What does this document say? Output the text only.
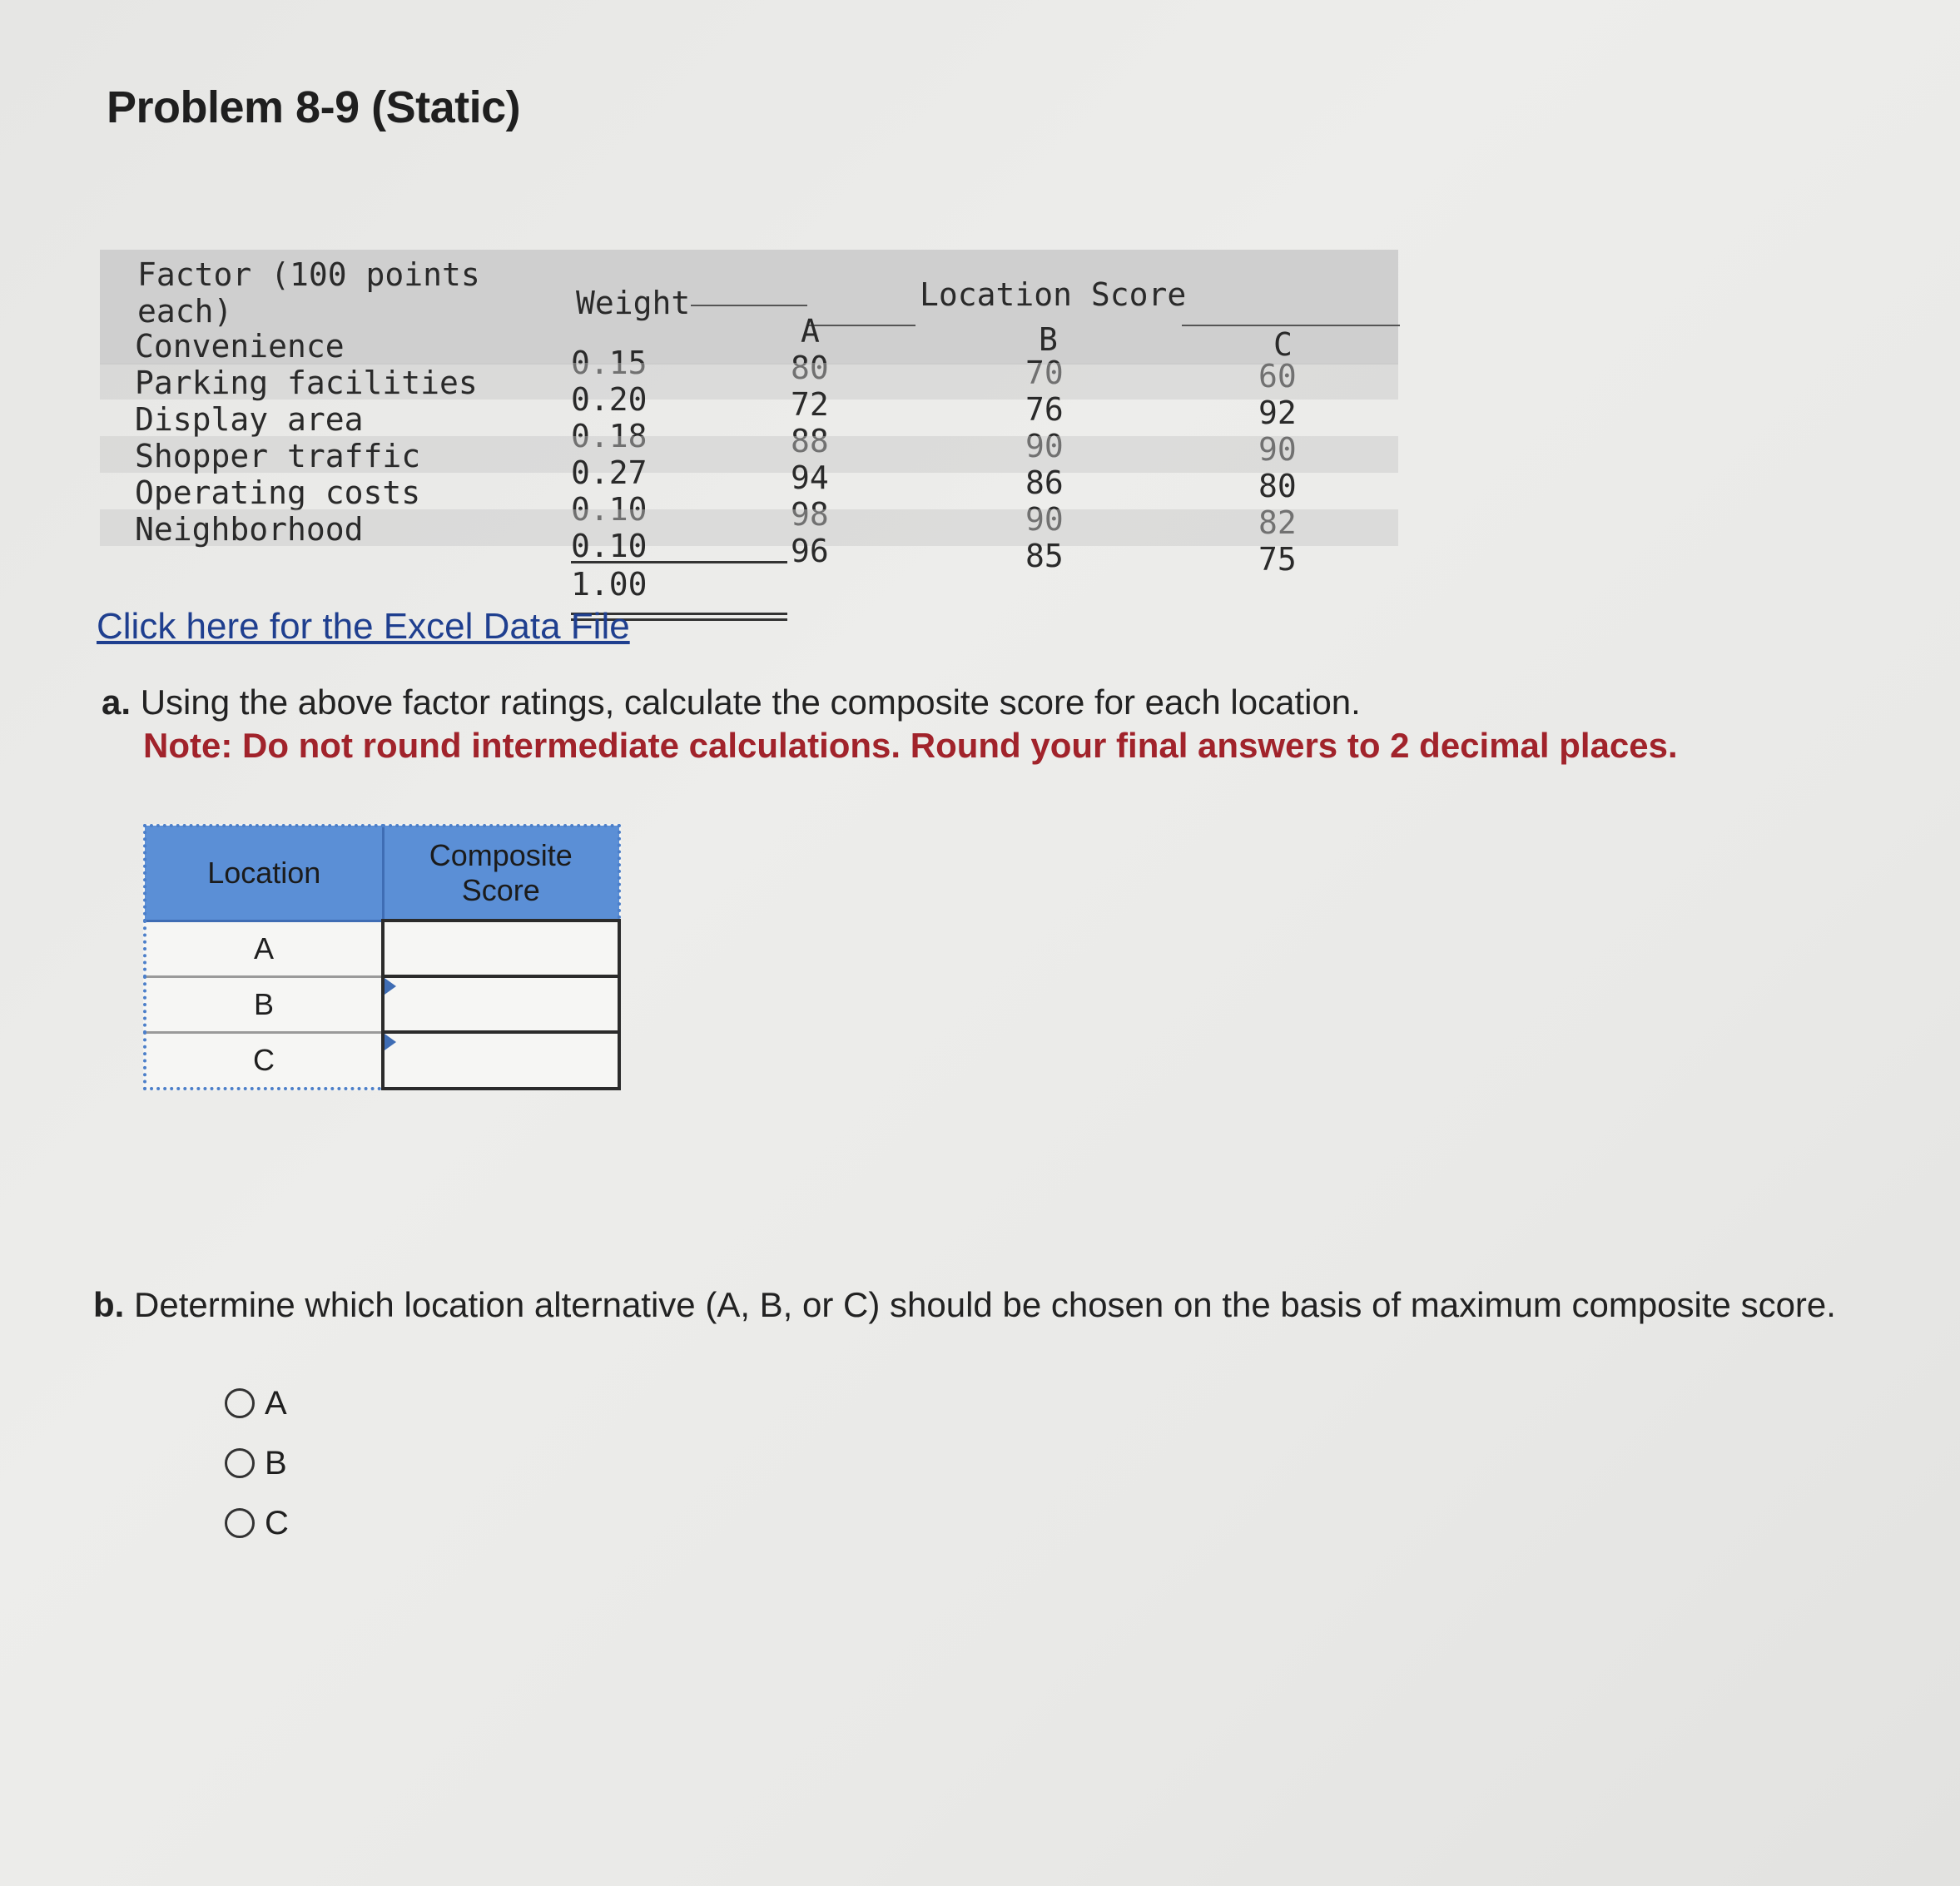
Problem 8-9 (Static)
Factor (100 points
each)	Weight	Location Score
A	B	C
Convenience	0.15	80	70	60
Parking facilities	0.20	72	76	92
Display area	0.18	88	90	90
Shopper traffic	0.27	94	86	80
Operating costs	0.10	98	90	82
Neighborhood	0.10	96	85	75
1.00
Click here for the Excel Data File
a. Using the above factor ratings, calculate the composite score for each location.
Note: Do not round intermediate calculations. Round your final answers to 2 decimal places.
Location	Composite
Score

A	
B	

C	
b. Determine which location alternative (A, B, or C) should be chosen on the basis of maximum composite score.
A
B
C
